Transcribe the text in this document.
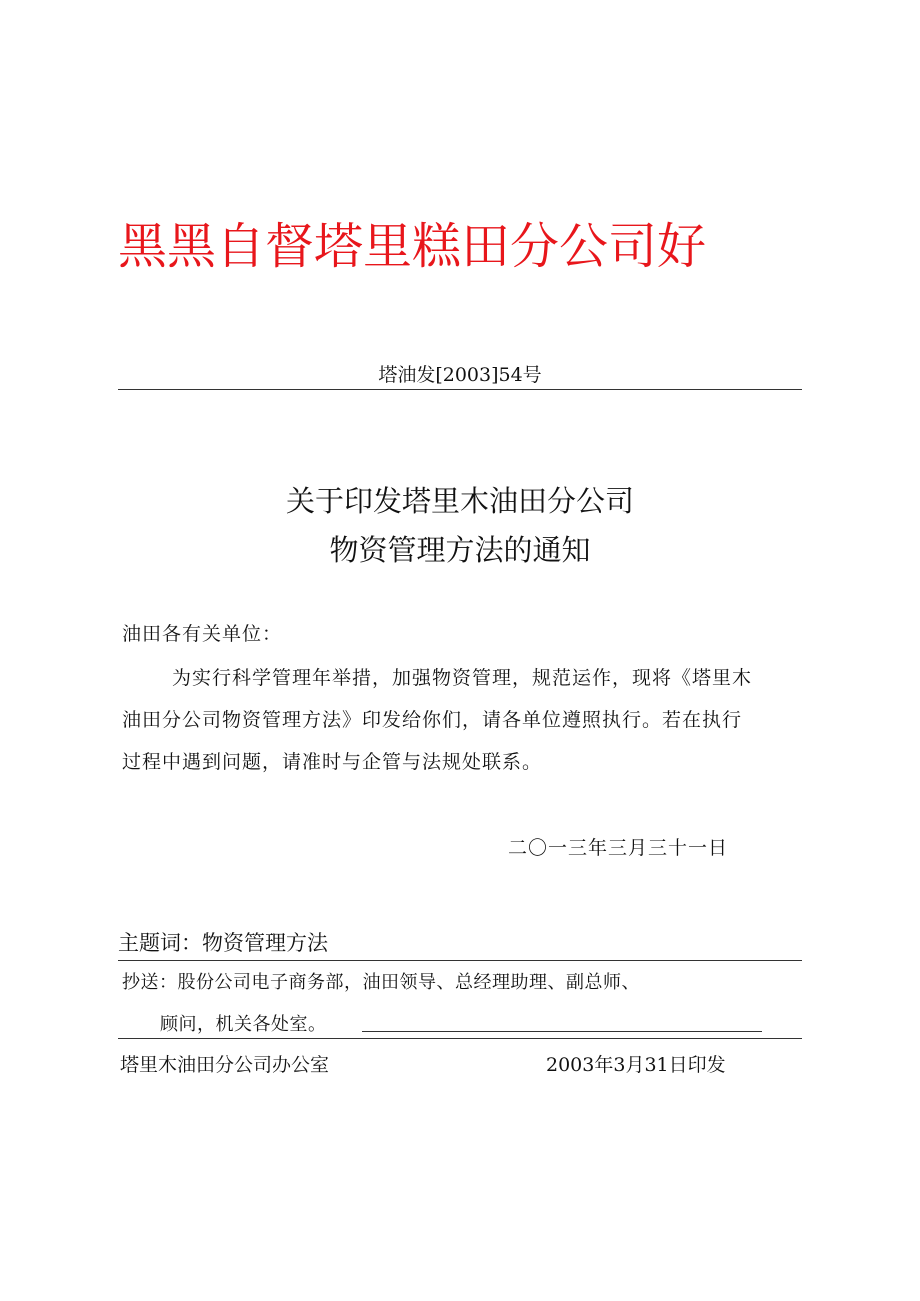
黑黑自督塔里糕田分公司好
塔油发[2003]54号
关于印发塔里木油田分公司
物资管理方法的通知
油田各有关单位：
为实行科学管理年举措，加强物资管理，规范运作，现将《塔里木
油田分公司物资管理方法》印发给你们，请各单位遵照执行。若在执行
过程中遇到问题，请准时与企管与法规处联系。
二〇一三年三月三十一日
主题词：物资管理方法
抄送：股份公司电子商务部，油田领导、总经理助理、副总师、
顾问，机关各处室。
塔里木油田分公司办公室	2003年3月31日印发
